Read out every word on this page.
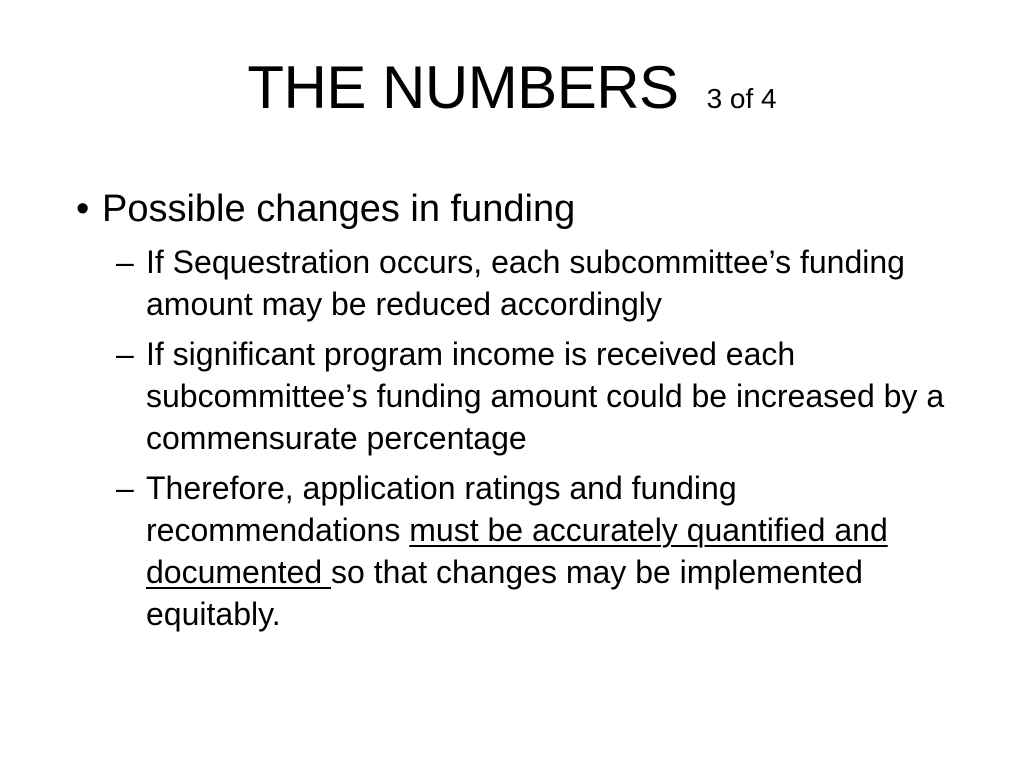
THE NUMBERS 3 of 4
• Possible changes in funding
– If Sequestration occurs, each subcommittee’s funding amount may be reduced accordingly
– If significant program income is received each subcommittee’s funding amount could be increased by a commensurate percentage
– Therefore, application ratings and funding recommendations must be accurately quantified and documented so that changes may be implemented equitably.
